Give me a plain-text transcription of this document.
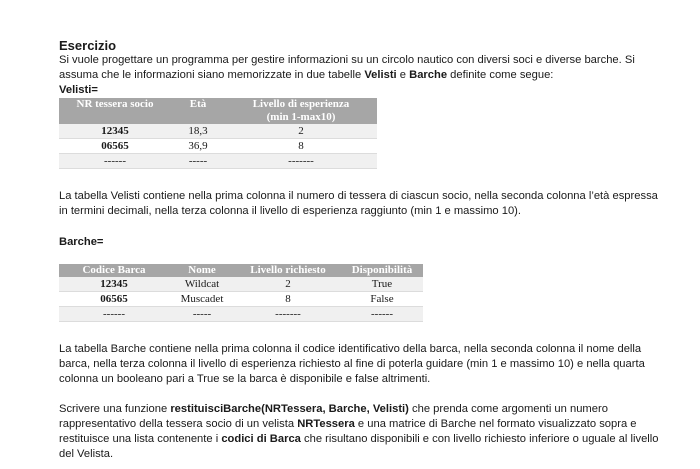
Esercizio

Si vuole progettare un programma per gestire informazioni su un circolo nautico con diversi soci e diverse barche. Si assuma che le informazioni siano memorizzate in due tabelle Velisti e Barche definite come segue:

Velisti=

NR tessera socio	Età	Livello di esperienza
(min 1-max10)
12345	18,3	2
06565	36,9	8
------	-----	-------

La tabella Velisti contiene nella prima colonna il numero di tessera di ciascun socio, nella seconda colonna l’età espressa in termini decimali, nella terza colonna il livello di esperienza raggiunto (min 1 e massimo 10).

Barche=

Codice Barca	Nome	Livello richiesto	Disponibilità
12345	Wildcat	2	True
06565	Muscadet	8	False
------	-----	-------	------

La tabella Barche contiene nella prima colonna il codice identificativo della barca, nella seconda colonna il nome della barca, nella terza colonna il livello di esperienza richiesto al fine di poterla guidare (min 1 e massimo 10) e nella quarta colonna un booleano pari a True se la barca è disponibile e false altrimenti.

Scrivere una funzione restituisciBarche(NRTessera, Barche, Velisti) che prenda come argomenti un numero rappresentativo della tessera socio di un velista NRTessera e una matrice di Barche nel formato visualizzato sopra e restituisce una lista contenente i codici di Barca che risultano disponibili e con livello richiesto inferiore o uguale al livello del Velista.
